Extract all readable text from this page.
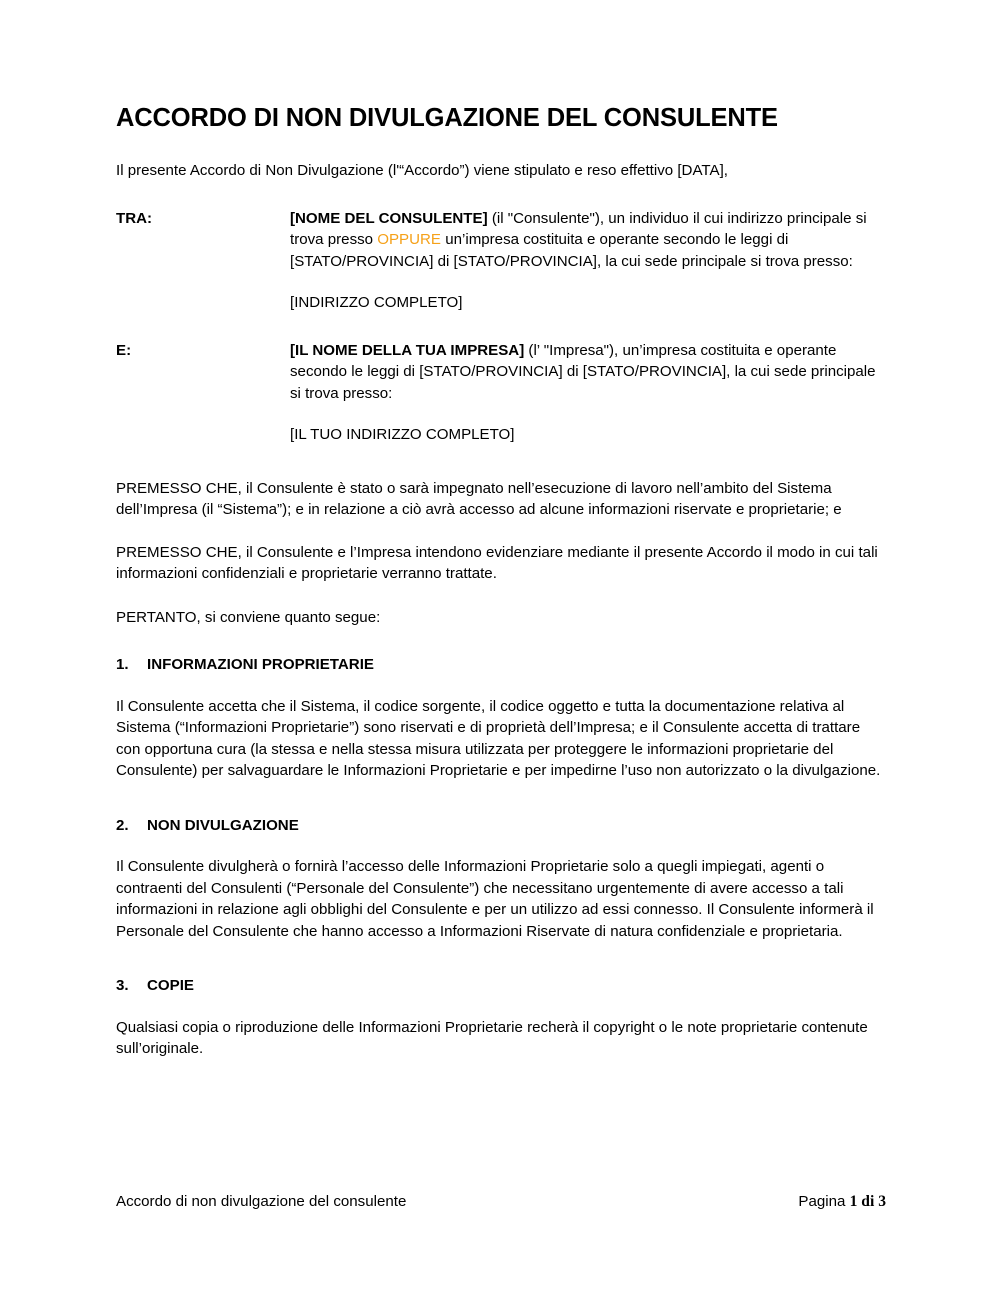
ACCORDO DI NON DIVULGAZIONE DEL CONSULENTE

Il presente Accordo di Non Divulgazione (l'“Accordo”) viene stipulato e reso effettivo [DATA],

TRA:	[NOME DEL CONSULENTE] (il "Consulente"), un individuo il cui indirizzo principale si trova presso OPPURE un’impresa costituita e operante secondo le leggi di [STATO/PROVINCIA] di [STATO/PROVINCIA], la cui sede principale si trova presso:
[INDIRIZZO COMPLETO]
E:	[IL NOME DELLA TUA IMPRESA] (l’ "Impresa"), un’impresa costituita e operante secondo le leggi di [STATO/PROVINCIA] di [STATO/PROVINCIA], la cui sede principale si trova presso:
[IL TUO INDIRIZZO COMPLETO]

PREMESSO CHE, il Consulente è stato o sarà impegnato nell’esecuzione di lavoro nell’ambito del Sistema dell’Impresa (il “Sistema”); e in relazione a ciò avrà accesso ad alcune informazioni riservate e proprietarie; e

PREMESSO CHE, il Consulente e l’Impresa intendono evidenziare mediante il presente Accordo il modo in cui tali informazioni confidenziali e proprietarie verranno trattate.

PERTANTO, si conviene quanto segue:

1.	INFORMAZIONI PROPRIETARIE

Il Consulente accetta che il Sistema, il codice sorgente, il codice oggetto e tutta la documentazione relativa al Sistema (“Informazioni Proprietarie”) sono riservati e di proprietà dell’Impresa; e il Consulente accetta di trattare con opportuna cura (la stessa e nella stessa misura utilizzata per proteggere le informazioni proprietarie del Consulente) per salvaguardare le Informazioni Proprietarie e per impedirne l’uso non autorizzato o la divulgazione.

2.	NON DIVULGAZIONE

Il Consulente divulgherà o fornirà l’accesso delle Informazioni Proprietarie solo a quegli impiegati, agenti o contraenti del Consulenti (“Personale del Consulente”) che necessitano urgentemente di avere accesso a tali informazioni in relazione agli obblighi del Consulente e per un utilizzo ad essi connesso. Il Consulente informerà il Personale del Consulente che hanno accesso a Informazioni Riservate di natura confidenziale e proprietaria.

3.	COPIE

Qualsiasi copia o riproduzione delle Informazioni Proprietarie recherà il copyright o le note proprietarie contenute sull’originale.

Accordo di non divulgazione del consulente	Pagina 1 di 3
